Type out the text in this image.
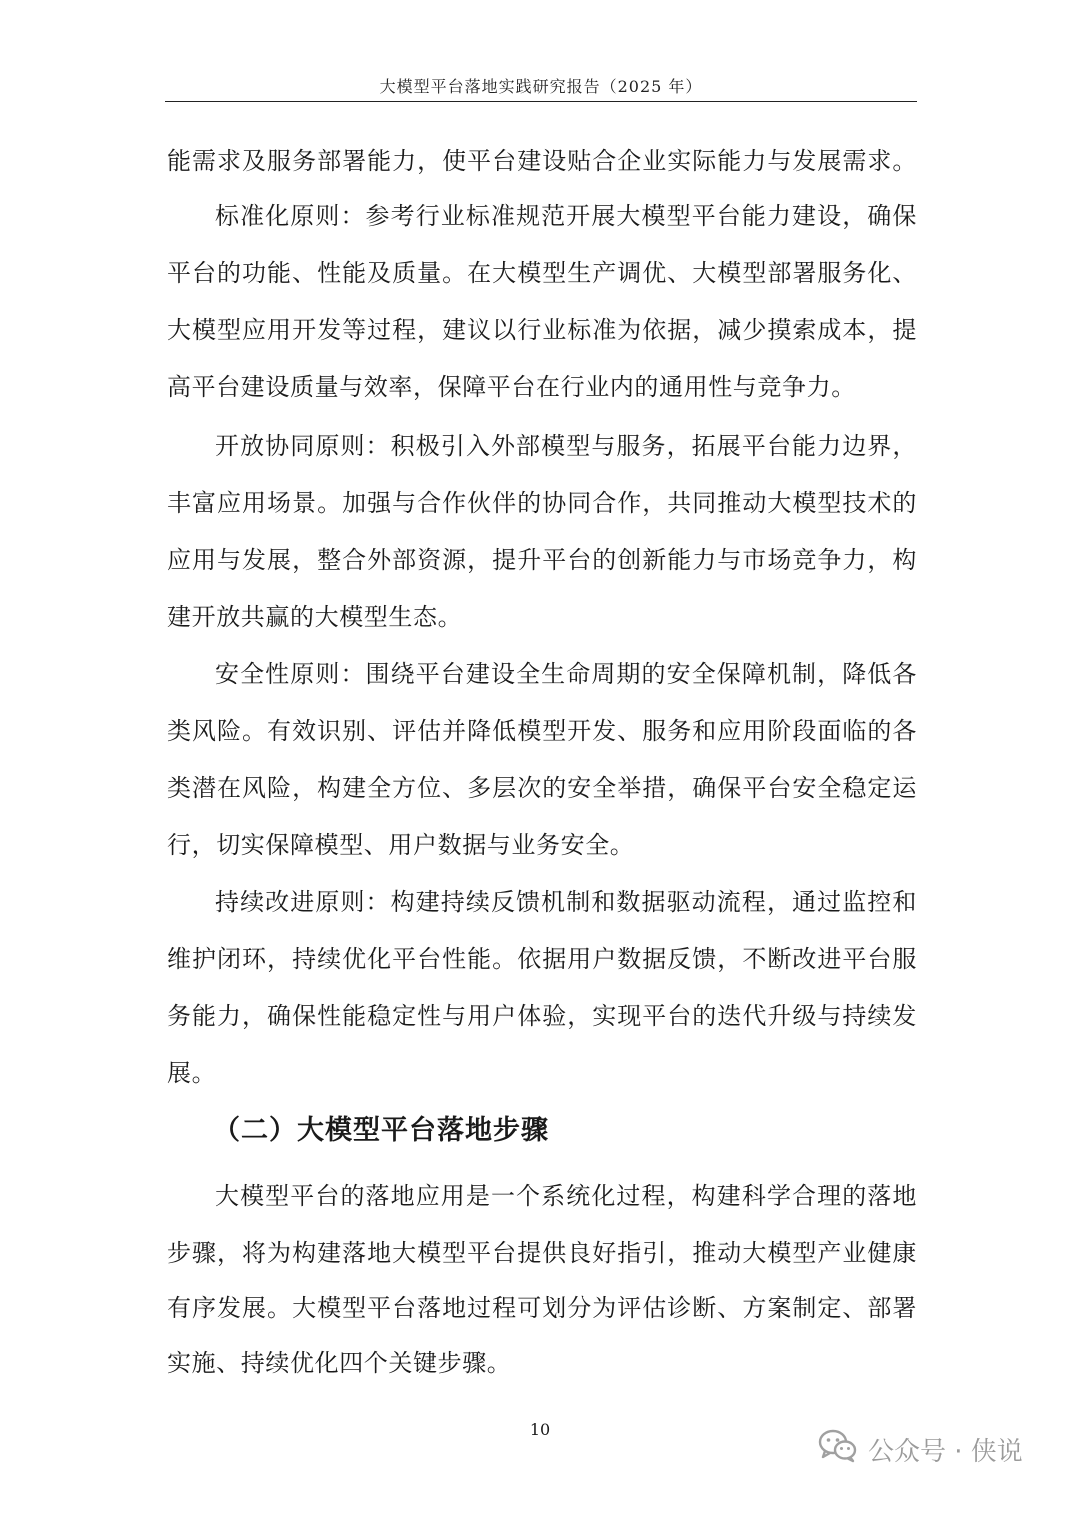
大模型平台落地实践研究报告（2025 年）
能需求及服务部署能力，使平台建设贴合企业实际能力与发展需求。
标准化原则：参考行业标准规范开展大模型平台能力建设，确保
平台的功能、性能及质量。在大模型生产调优、大模型部署服务化、
大模型应用开发等过程，建议以行业标准为依据，减少摸索成本，提
高平台建设质量与效率，保障平台在行业内的通用性与竞争力。
开放协同原则：积极引入外部模型与服务，拓展平台能力边界，
丰富应用场景。加强与合作伙伴的协同合作，共同推动大模型技术的
应用与发展，整合外部资源，提升平台的创新能力与市场竞争力，构
建开放共赢的大模型生态。
安全性原则：围绕平台建设全生命周期的安全保障机制，降低各
类风险。有效识别、评估并降低模型开发、服务和应用阶段面临的各
类潜在风险，构建全方位、多层次的安全举措，确保平台安全稳定运
行，切实保障模型、用户数据与业务安全。
持续改进原则：构建持续反馈机制和数据驱动流程，通过监控和
维护闭环，持续优化平台性能。依据用户数据反馈，不断改进平台服
务能力，确保性能稳定性与用户体验，实现平台的迭代升级与持续发
展。
（二）大模型平台落地步骤
大模型平台的落地应用是一个系统化过程，构建科学合理的落地
步骤，将为构建落地大模型平台提供良好指引，推动大模型产业健康
有序发展。大模型平台落地过程可划分为评估诊断、方案制定、部署
实施、持续优化四个关键步骤。
10
公众号 · 侠说
